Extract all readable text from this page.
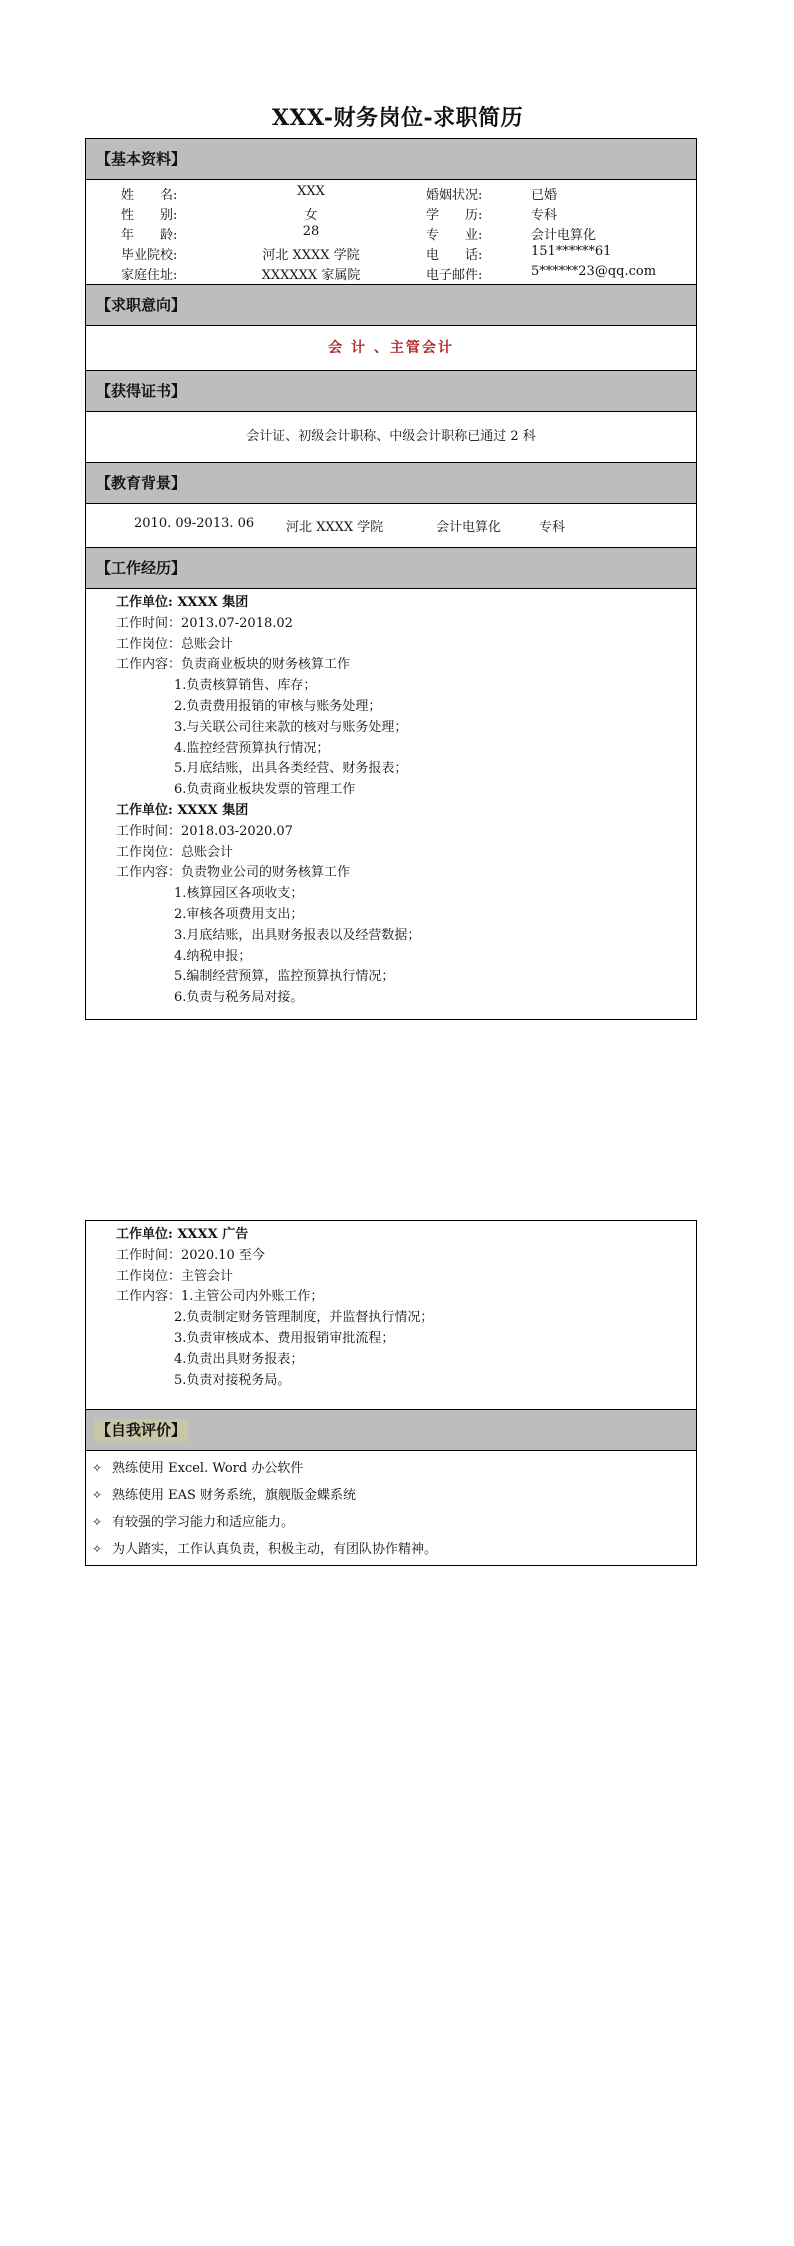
XXX-财务岗位-求职简历
【基本资料】
姓　　名:	XXX	婚姻状况:	已婚
性　　别:	女	学　　历:	专科
年　　龄:	28	专　　业:	会计电算化
毕业院校:	河北 XXXX 学院	电　　话:	151******61
家庭住址:	XXXXXX 家属院	电子邮件:	5******23@qq.com
【求职意向】
会 计 、主管会计
【获得证书】
会计证、初级会计职称、中级会计职称已通过 2 科
【教育背景】
2010. 09-2013. 06 河北 XXXX 学院	会计电算化	专科
【工作经历】
工作单位: XXXX 集团
工作时间：2013.07-2018.02
工作岗位：总账会计
工作内容：负责商业板块的财务核算工作
1.负责核算销售、库存；
2.负责费用报销的审核与账务处理；
3.与关联公司往来款的核对与账务处理；
4.监控经营预算执行情况；
5.月底结账，出具各类经营、财务报表；
6.负责商业板块发票的管理工作
工作单位: XXXX 集团
工作时间：2018.03-2020.07
工作岗位：总账会计
工作内容：负责物业公司的财务核算工作
1.核算园区各项收支；
2.审核各项费用支出；
3.月底结账，出具财务报表以及经营数据；
4.纳税申报；
5.编制经营预算，监控预算执行情况；
6.负责与税务局对接。
工作单位: XXXX 广告
工作时间：2020.10 至今
工作岗位：主管会计
工作内容：1.主管公司内外账工作；
2.负责制定财务管理制度，并监督执行情况；
3.负责审核成本、费用报销审批流程；
4.负责出具财务报表；
5.负责对接税务局。
【自我评价】
✧ 熟练使用 Excel. Word 办公软件
✧ 熟练使用 EAS 财务系统，旗舰版金蝶系统
✧ 有较强的学习能力和适应能力。
✧ 为人踏实，工作认真负责，积极主动，有团队协作精神。
